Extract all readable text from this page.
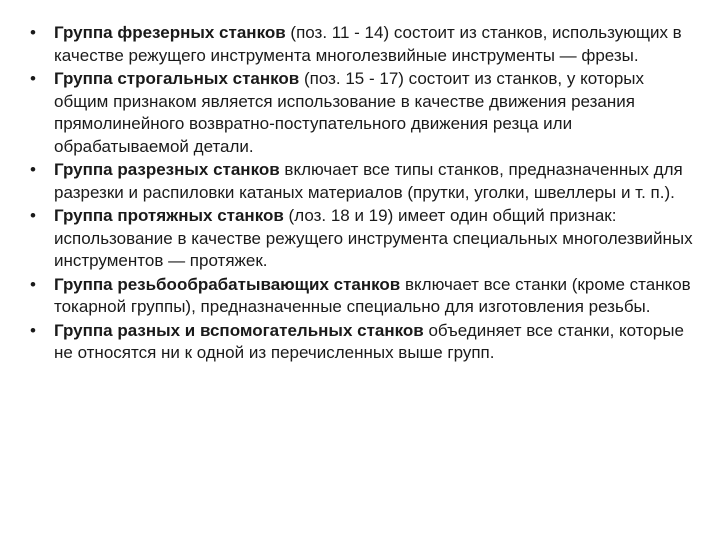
• Группа фрезерных станков (поз. 11 - 14) состоит из станков, использующих в качестве режущего инструмента многолезвийные инструменты — фрезы.
• Группа строгальных станков (поз. 15 - 17) состоит из станков, у которых общим признаком является использование в качестве движения резания прямолинейного возвратно-поступательного движения резца или обрабатываемой детали.
• Группа разрезных станков включает все типы станков, предназначенных для разрезки и распиловки катаных материалов (прутки, уголки, швеллеры и т. п.).
• Группа протяжных станков (лоз. 18 и 19) имеет один общий признак: использование в качестве режущего инструмента специальных многолезвийных инструментов — протяжек.
• Группа резьбообрабатывающих станков включает все станки (кроме станков токарной группы), предназначенные специально для изготовления резьбы.
• Группа разных и вспомогательных станков объединяет все станки, которые не относятся ни к одной из перечисленных выше групп.
